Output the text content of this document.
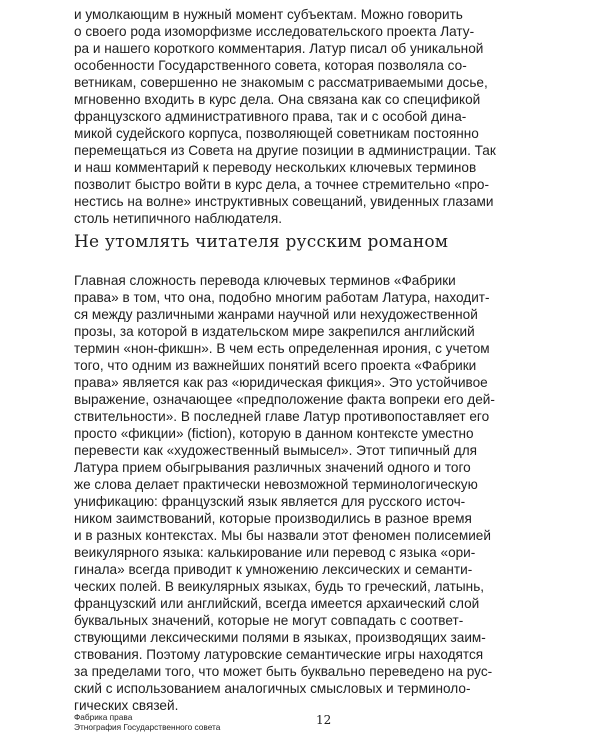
и умолкающим в нужный момент субъектам. Можно говорить
о своего рода изоморфизме исследовательского проекта Лату-
ра и нашего короткого комментария. Латур писал об уникальной
особенности Государственного совета, которая позволяла со-
ветникам, совершенно не знакомым с рассматриваемыми досье,
мгновенно входить в курс дела. Она связана как со спецификой
французского административного права, так и с особой дина-
микой судейского корпуса, позволяющей советникам постоянно
перемещаться из Совета на другие позиции в администрации. Так
и наш комментарий к переводу нескольких ключевых терминов
позволит быстро войти в курс дела, а точнее стремительно «про-
нестись на волне» инструктивных совещаний, увиденных глазами
столь нетипичного наблюдателя.
Не утомлять читателя русским романом
Главная сложность перевода ключевых терминов «Фабрики
права» в том, что она, подобно многим работам Латура, находит-
ся между различными жанрами научной или нехудожественной
прозы, за которой в издательском мире закрепился английский
термин «нон-фикшн». В чем есть определенная ирония, с учетом
того, что одним из важнейших понятий всего проекта «Фабрики
права» является как раз «юридическая фикция». Это устойчивое
выражение, означающее «предположение факта вопреки его дей-
ствительности». В последней главе Латур противопоставляет его
просто «фикции» (fiction), которую в данном контексте уместно
перевести как «художественный вымысел». Этот типичный для
Латура прием обыгрывания различных значений одного и того
же слова делает практически невозможной терминологическую
унификацию: французский язык является для русского источ-
ником заимствований, которые производились в разное время
и в разных контекстах. Мы бы назвали этот феномен полисемией
веикулярного языка: калькирование или перевод с языка «ори-
гинала» всегда приводит к умножению лексических и семанти-
ческих полей. В веикулярных языках, будь то греческий, латынь,
французский или английский, всегда имеется архаический слой
буквальных значений, которые не могут совпадать с соответ-
ствующими лексическими полями в языках, производящих заим-
ствования. Поэтому латуровские семантические игры находятся
за пределами того, что может быть буквально переведено на рус-
ский с использованием аналогичных смысловых и терминоло-
гических связей.
Фабрика права
Этнография Государственного совета	12
